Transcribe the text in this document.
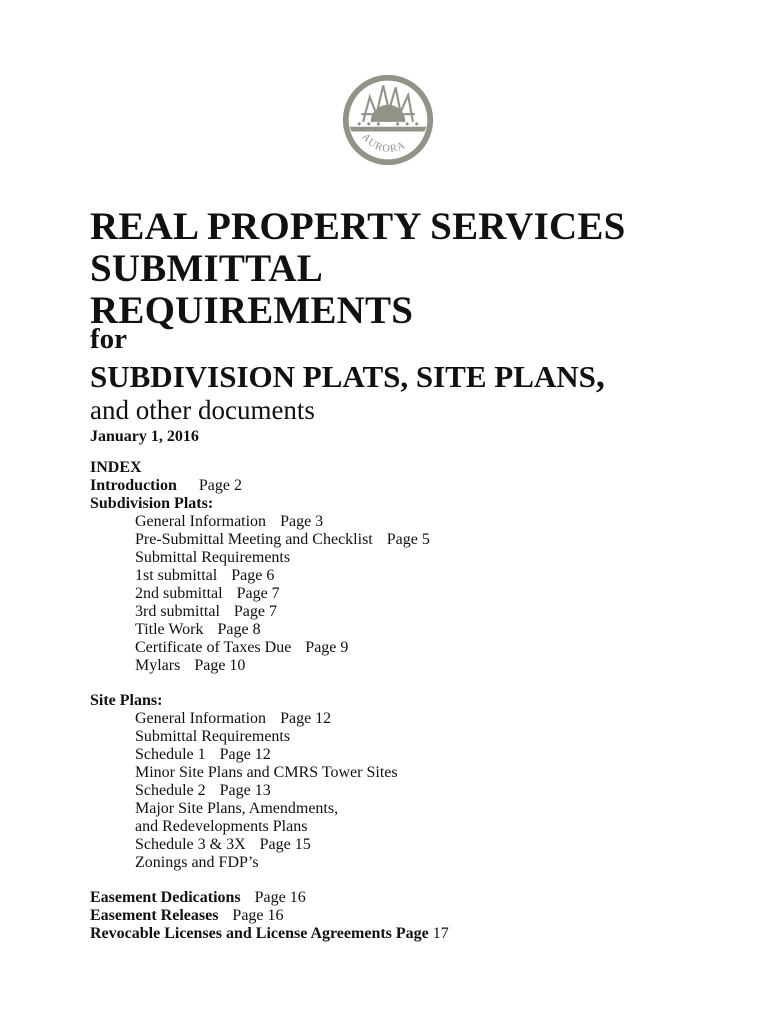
AURORA
REAL PROPERTY SERVICES
SUBMITTAL
REQUIREMENTS
for
SUBDIVISION PLATS, SITE PLANS,
and other documents
January 1, 2016
INDEX
Introduction Page 2
Subdivision Plats:
General Information Page 3
Pre-Submittal Meeting and Checklist Page 5
Submittal Requirements
1st submittal Page 6
2nd submittal Page 7
3rd submittal Page 7
Title Work Page 8
Certificate of Taxes Due Page 9
Mylars Page 10
Site Plans:
General Information Page 12
Submittal Requirements
Schedule 1 Page 12
Minor Site Plans and CMRS Tower Sites
Schedule 2 Page 13
Major Site Plans, Amendments,
and Redevelopments Plans
Schedule 3 & 3X Page 15
Zonings and FDP’s
Easement Dedications Page 16
Easement Releases Page 16
Revocable Licenses and License Agreements Page 17
